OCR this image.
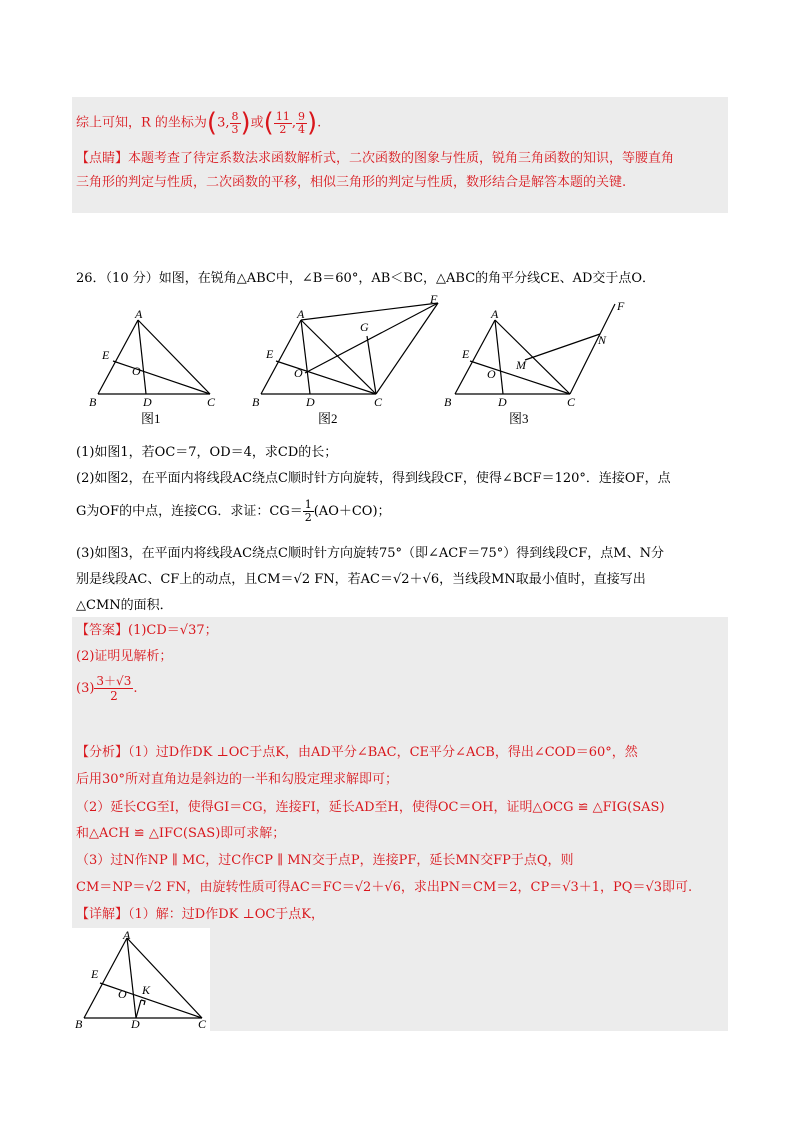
综上可知，R 的坐标为(3, $\frac{8}{3}$ )或( $\frac{11}{2}$ , $\frac{9}{4}$ ).
【点睛】本题考查了待定系数法求函数解析式，二次函数的图象与性质，锐角三角函数的知识，等腰直角
三角形的判定与性质，二次函数的平移，相似三角形的判定与性质，数形结合是解答本题的关键.
26．（10 分）如图，在锐角△ABC中，∠B＝60°，AB＜BC，△ABC的角平分线CE、AD交于点O．
A
E
O
B	D	C
图1
F
A
G
E
O
B	D	C
图2
F
A
N
E
M
O
B	D	C
图3
(1)如图1，若OC＝7，OD＝4，求CD的长；
(2)如图2，在平面内将线段AC绕点C顺时针方向旋转，得到线段CF，使得∠BCF＝120°．连接OF，点
G为OF的中点，连接CG．求证：$CG= \frac{1}{2} (AO+CO)$；
(3)如图3，在平面内将线段AC绕点C顺时针方向旋转75°（即∠ACF＝75°）得到线段CF，点M、N分
别是线段AC、CF上的动点，且CM＝√2 FN，若AC＝√2＋√6，当线段MN取最小值时，直接写出
△CMN的面积．
【答案】(1)CD＝√37；
(2)证明见解析；
$(3) \frac{3+√3}{2}$ .
【分析】（1）过D作DK ⊥OC于点K，由AD平分∠BAC，CE平分∠ACB，得出∠COD＝60°，然
后用30°所对直角边是斜边的一半和勾股定理求解即可；
（2）延长CG至I，使得GI＝CG，连接FI，延长AD至H，使得OC＝OH，证明△OCG ≌ △FIG(SAS)
和△ACH ≌ △IFC(SAS)即可求解；
（3）过N作NP ∥ MC，过C作CP ∥ MN交于点P，连接PF，延长MN交FP于点Q，则
CM＝NP＝√2 FN，由旋转性质可得AC＝FC＝√2＋√6，求出PN＝CM＝2，CP＝√3＋1，PQ＝√3即可.
【详解】（1）解：过D作DK ⊥OC于点K，
A
E
K
O
B	D	C
